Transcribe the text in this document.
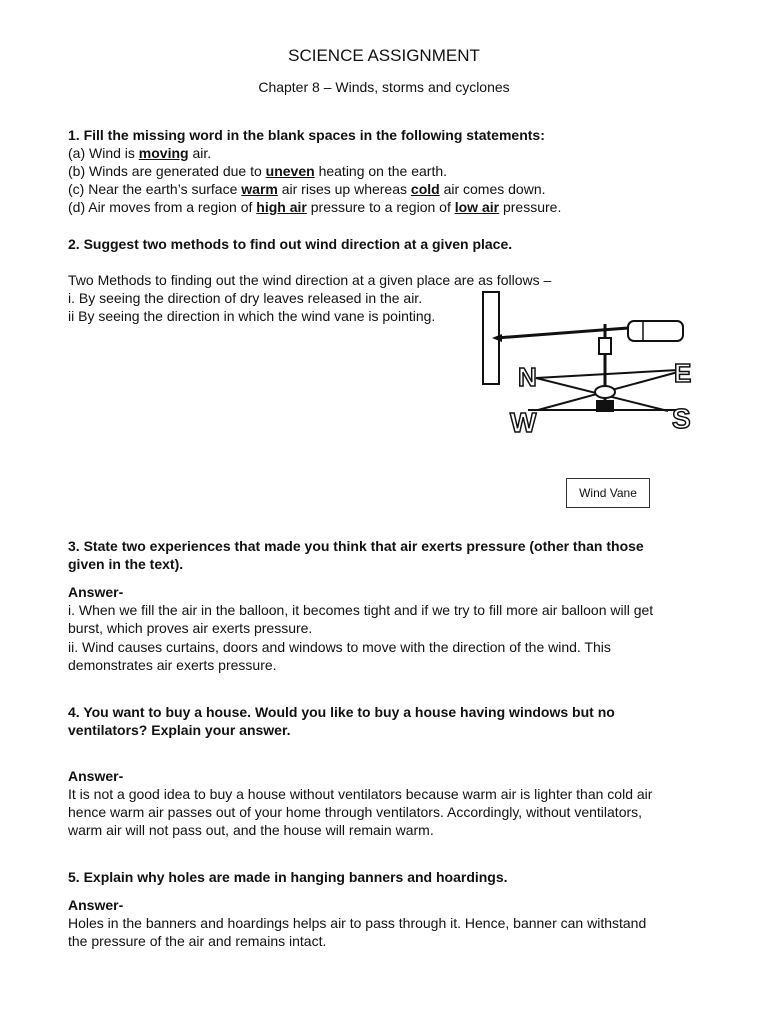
SCIENCE ASSIGNMENT
Chapter 8 – Winds, storms and cyclones
1. Fill the missing word in the blank spaces in the following statements:
(a) Wind is moving air.
(b) Winds are generated due to uneven heating on the earth.
(c) Near the earth’s surface warm air rises up whereas cold air comes down.
(d) Air moves from a region of high air pressure to a region of low air pressure.
2. Suggest two methods to find out wind direction at a given place.
Two Methods to finding out the wind direction at a given place are as follows –
i. By seeing the direction of dry leaves released in the air.
ii By seeing the direction in which the wind vane is pointing.
N	E
W	S
Wind Vane
3. State two experiences that made you think that air exerts pressure (other than those
given in the text).
Answer-
i. When we fill the air in the balloon, it becomes tight and if we try to fill more air balloon will get
burst, which proves air exerts pressure.
ii. Wind causes curtains, doors and windows to move with the direction of the wind. This
demonstrates air exerts pressure.
4. You want to buy a house. Would you like to buy a house having windows but no
ventilators? Explain your answer.
Answer-
It is not a good idea to buy a house without ventilators because warm air is lighter than cold air
hence warm air passes out of your home through ventilators. Accordingly, without ventilators,
warm air will not pass out, and the house will remain warm.
5. Explain why holes are made in hanging banners and hoardings.
Answer-
Holes in the banners and hoardings helps air to pass through it. Hence, banner can withstand
the pressure of the air and remains intact.
